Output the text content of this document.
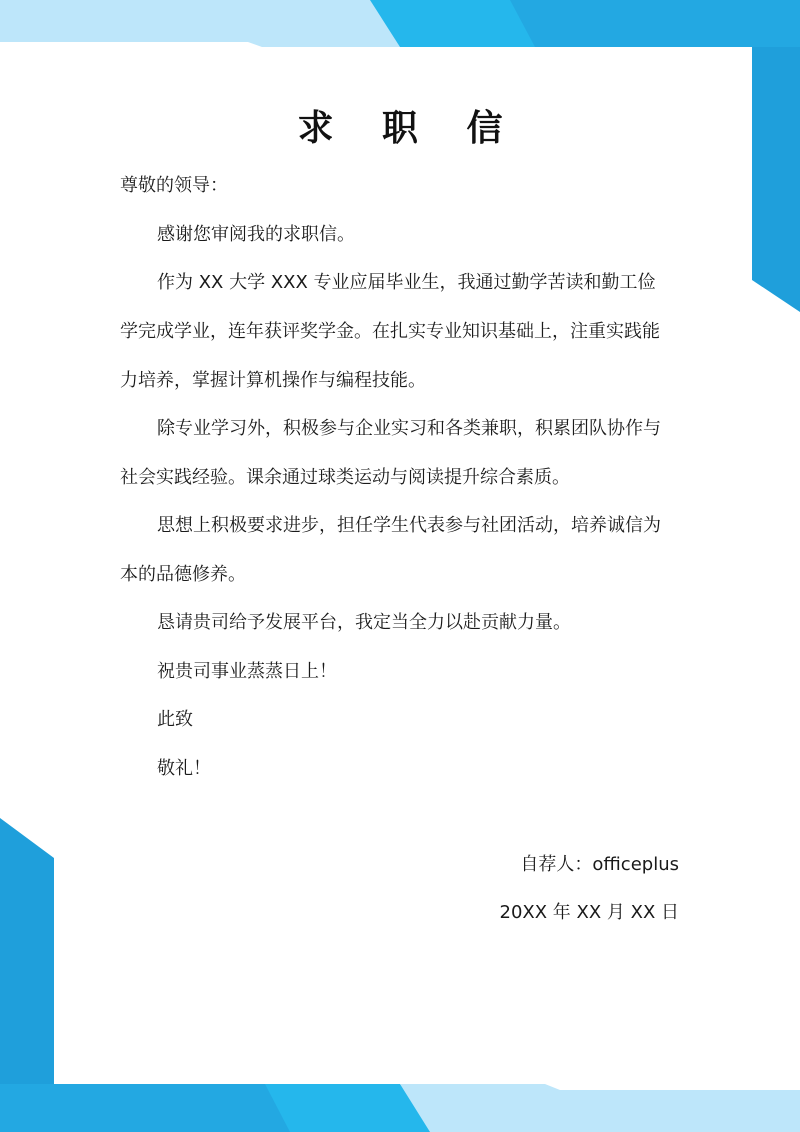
求 职 信

尊敬的领导：

感谢您审阅我的求职信。

作为 XX 大学 XXX 专业应届毕业生，我通过勤学苦读和勤工俭

学完成学业，连年获评奖学金。在扎实专业知识基础上，注重实践能

力培养，掌握计算机操作与编程技能。

除专业学习外，积极参与企业实习和各类兼职，积累团队协作与

社会实践经验。课余通过球类运动与阅读提升综合素质。

思想上积极要求进步，担任学生代表参与社团活动，培养诚信为

本的品德修养。

恳请贵司给予发展平台，我定当全力以赴贡献力量。

祝贵司事业蒸蒸日上！

此致

敬礼！

自荐人：officeplus

20XX 年 XX 月 XX 日
